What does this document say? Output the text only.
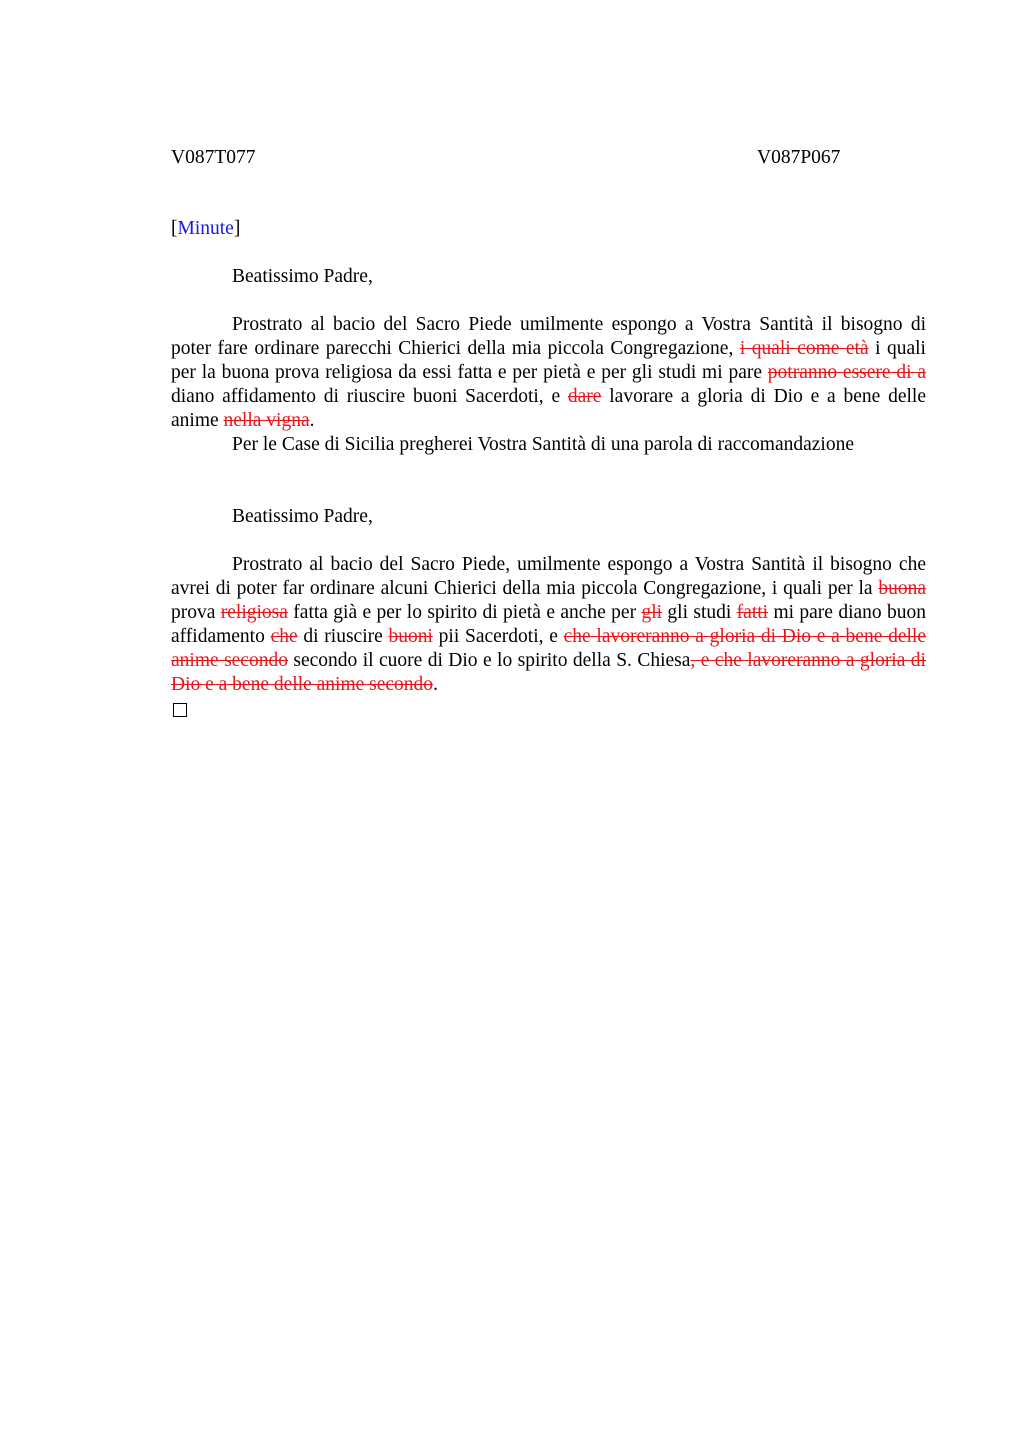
V087T077	V087P067
[Minute]
Beatissimo Padre,
Prostrato al bacio del Sacro Piede umilmente espongo a Vostra Santità il bisogno di poter fare ordinare parecchi Chierici della mia piccola Congregazione, i quali come età i quali per la buona prova religiosa da essi fatta e per pietà e per gli studi mi pare potranno essere di a diano affidamento di riuscire buoni Sacerdoti, e dare lavorare a gloria di Dio e a bene delle anime nella vigna.
Per le Case di Sicilia pregherei Vostra Santità di una parola di raccomandazione
Beatissimo Padre,
Prostrato al bacio del Sacro Piede, umilmente espongo a Vostra Santità il bisogno che avrei di poter far ordinare alcuni Chierici della mia piccola Congregazione, i quali per la buona prova religiosa fatta già e per lo spirito di pietà e anche per gli gli studi fatti mi pare diano buon affidamento che di riuscire buoni pii Sacerdoti, e che lavoreranno a gloria di Dio e a bene delle anime secondo secondo il cuore di Dio e lo spirito della S. Chiesa, e che lavoreranno a gloria di Dio e a bene delle anime secondo.
